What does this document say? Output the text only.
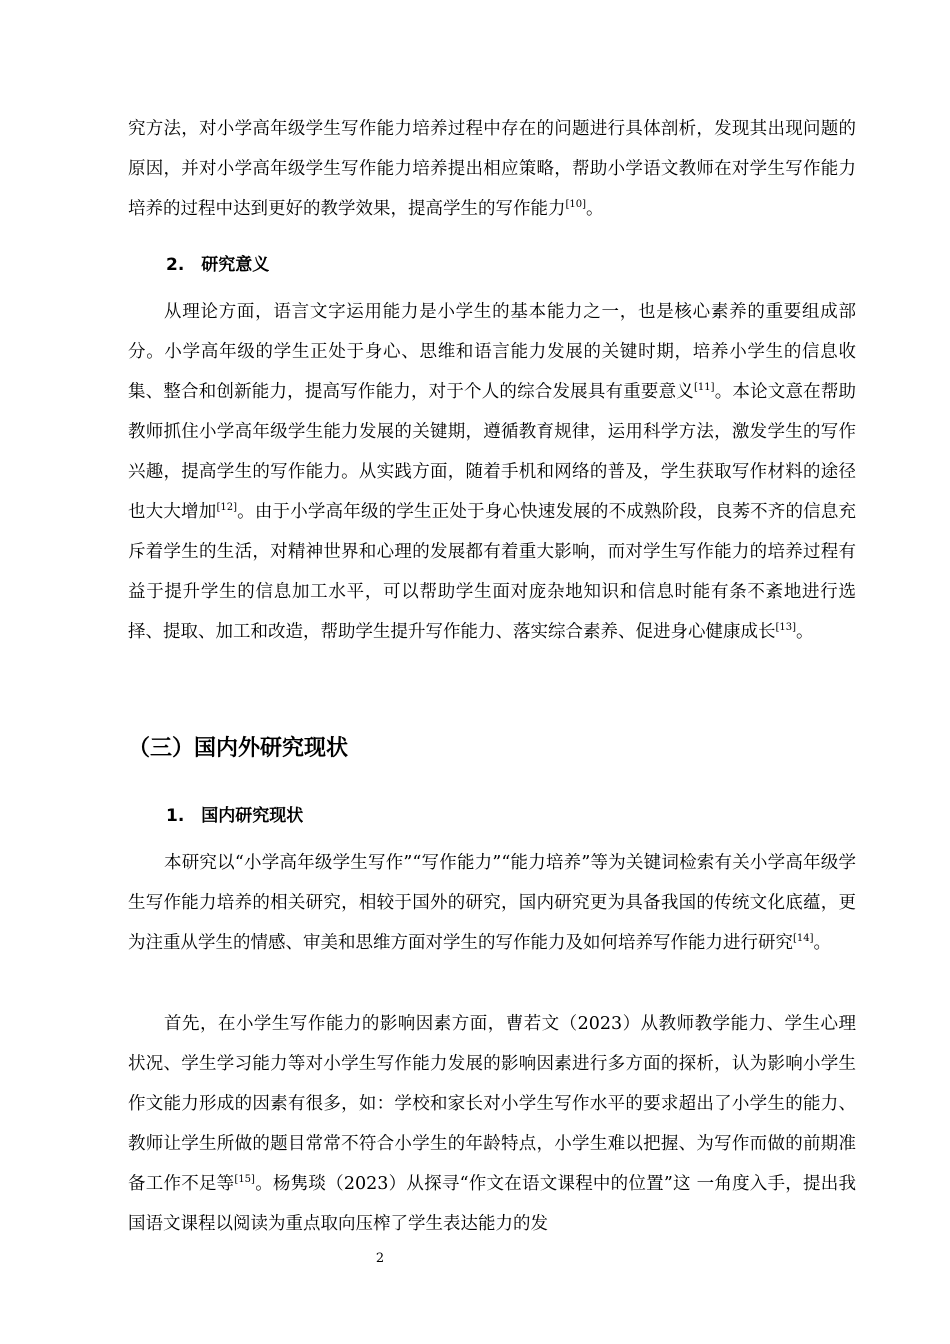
究方法，对小学高年级学生写作能力培养过程中存在的问题进行具体剖析，发现其出现问题的原因，并对小学高年级学生写作能力培养提出相应策略，帮助小学语文教师在对学生写作能力培养的过程中达到更好的教学效果，提高学生的写作能力[10]。
2.　研究意义
从理论方面，语言文字运用能力是小学生的基本能力之一，也是核心素养的重要组成部分。小学高年级的学生正处于身心、思维和语言能力发展的关键时期，培养小学生的信息收集、整合和创新能力，提高写作能力，对于个人的综合发展具有重要意义[11]。本论文意在帮助教师抓住小学高年级学生能力发展的关键期，遵循教育规律，运用科学方法，激发学生的写作兴趣，提高学生的写作能力。从实践方面，随着手机和网络的普及，学生获取写作材料的途径也大大增加[12]。由于小学高年级的学生正处于身心快速发展的不成熟阶段，良莠不齐的信息充斥着学生的生活，对精神世界和心理的发展都有着重大影响，而对学生写作能力的培养过程有益于提升学生的信息加工水平，可以帮助学生面对庞杂地知识和信息时能有条不紊地进行选择、提取、加工和改造，帮助学生提升写作能力、落实综合素养、促进身心健康成长[13]。
（三）国内外研究现状
1.　国内研究现状
本研究以“小学高年级学生写作”“写作能力”“能力培养”等为关键词检索有关小学高年级学生写作能力培养的相关研究，相较于国外的研究，国内研究更为具备我国的传统文化底蕴，更为注重从学生的情感、审美和思维方面对学生的写作能力及如何培养写作能力进行研究[14]。
首先，在小学生写作能力的影响因素方面，曹若文（2023）从教师教学能力、学生心理状况、学生学习能力等对小学生写作能力发展的影响因素进行多方面的探析，认为影响小学生作文能力形成的因素有很多，如：学校和家长对小学生写作水平的要求超出了小学生的能力、教师让学生所做的题目常常不符合小学生的年龄特点，小学生难以把握、为写作而做的前期准备工作不足等[15]。杨隽琰（2023）从探寻“作文在语文课程中的位置”这 一角度入手，提出我国语文课程以阅读为重点取向压榨了学生表达能力的发
2
